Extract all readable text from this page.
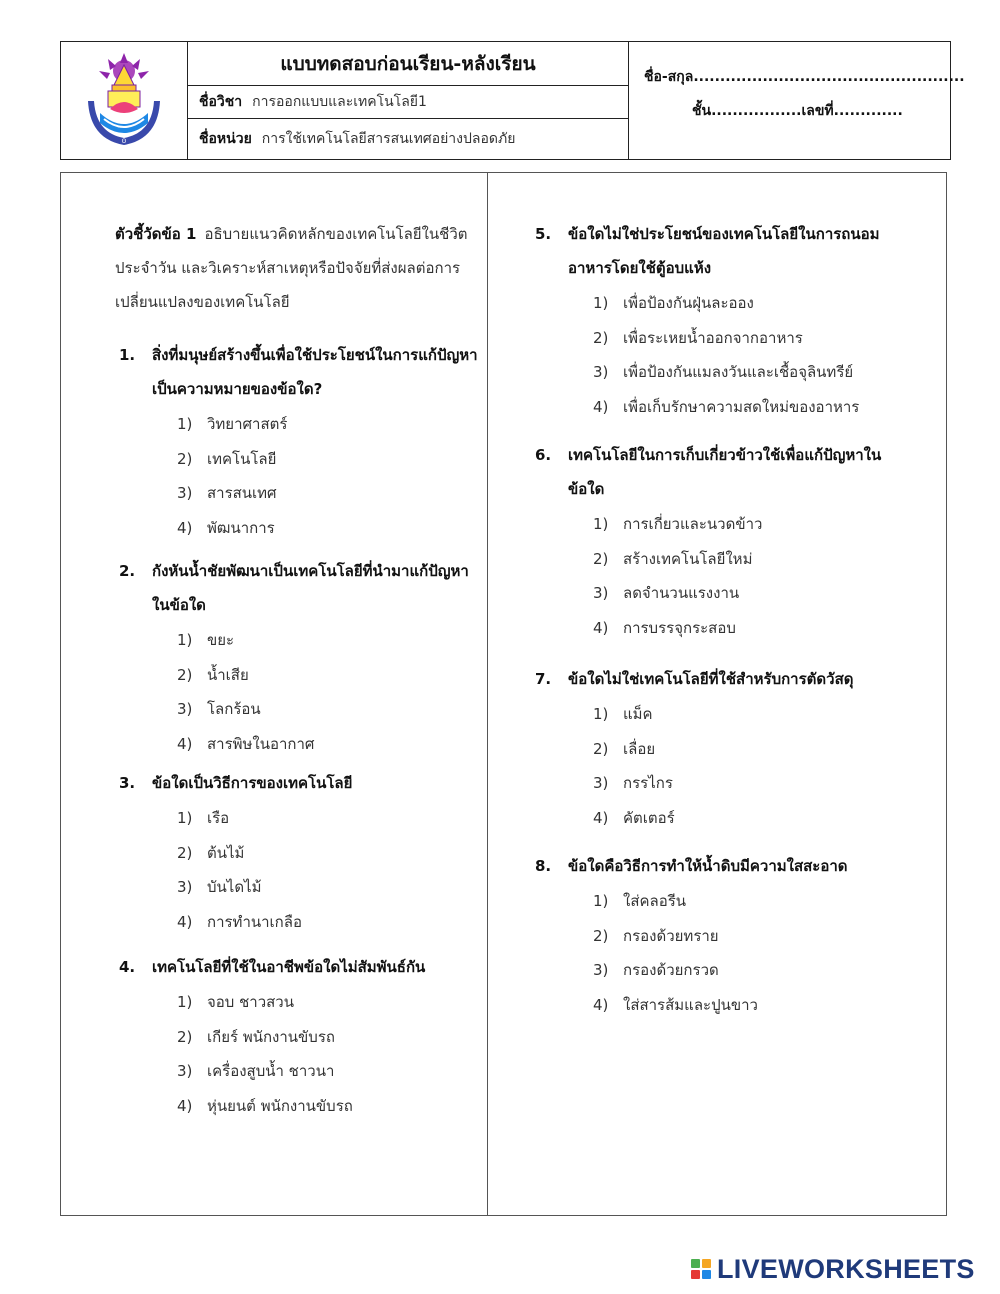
ʘ
แบบทดสอบก่อนเรียน-หลังเรียน
ชื่อวิชา การออกแบบและเทคโนโลยี1
ชื่อหน่วย การใช้เทคโนโลยีสารสนเทศอย่างปลอดภัย
ชื่อ-สกุล...................................................
ชั้น.................เลขที่.............
ตัวชี้วัดข้อ 1 อธิบายแนวคิดหลักของเทคโนโลยีในชีวิตประจำวัน และวิเคราะห์สาเหตุหรือปัจจัยที่ส่งผลต่อการเปลี่ยนแปลงของเทคโนโลยี
1. สิ่งที่มนุษย์สร้างขึ้นเพื่อใช้ประโยชน์ในการแก้ปัญหา เป็นความหมายของข้อใด?
1) วิทยาศาสตร์
2) เทคโนโลยี
3) สารสนเทศ
4) พัฒนาการ
2. กังหันน้ำชัยพัฒนาเป็นเทคโนโลยีที่นำมาแก้ปัญหาในข้อใด
1) ขยะ
2) น้ำเสีย
3) โลกร้อน
4) สารพิษในอากาศ
3. ข้อใดเป็นวิธีการของเทคโนโลยี
1) เรือ
2) ต้นไม้
3) บันไดไม้
4) การทำนาเกลือ
4. เทคโนโลยีที่ใช้ในอาชีพข้อใดไม่สัมพันธ์กัน
1) จอบ ชาวสวน
2) เกียร์ พนักงานขับรถ
3) เครื่องสูบน้ำ ชาวนา
4) หุ่นยนต์ พนักงานขับรถ
5. ข้อใดไม่ใช่ประโยชน์ของเทคโนโลยีในการถนอมอาหารโดยใช้ตู้อบแห้ง
1) เพื่อป้องกันฝุ่นละออง
2) เพื่อระเหยน้ำออกจากอาหาร
3) เพื่อป้องกันแมลงวันและเชื้อจุลินทรีย์
4) เพื่อเก็บรักษาความสดใหม่ของอาหาร
6. เทคโนโลยีในการเก็บเกี่ยวข้าวใช้เพื่อแก้ปัญหาในข้อใด
1) การเกี่ยวและนวดข้าว
2) สร้างเทคโนโลยีใหม่
3) ลดจำนวนแรงงาน
4) การบรรจุกระสอบ
7. ข้อใดไม่ใช่เทคโนโลยีที่ใช้สำหรับการตัดวัสดุ
1) แม็ค
2) เลื่อย
3) กรรไกร
4) คัตเตอร์
8. ข้อใดคือวิธีการทำให้น้ำดิบมีความใสสะอาด
1) ใส่คลอรีน
2) กรองด้วยทราย
3) กรองด้วยกรวด
4) ใส่สารส้มและปูนขาว
LIVEWORKSHEETS
